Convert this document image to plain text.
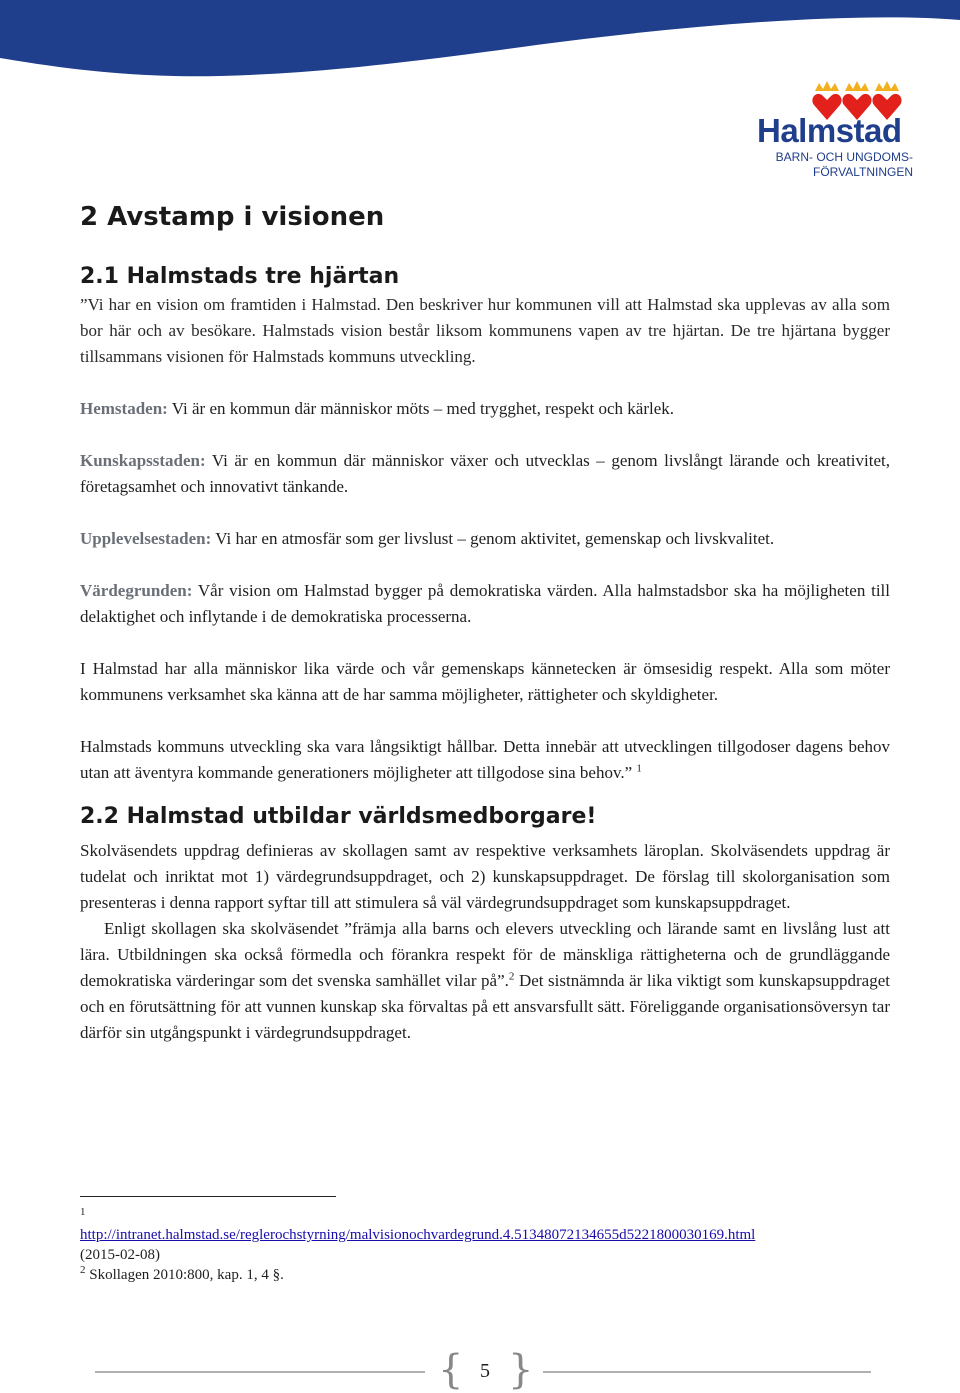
Halmstad
BARN- OCH UNGDOMS-
FÖRVALTNINGEN
2 Avstamp i visionen
2.1 Halmstads tre hjärtan

”Vi har en vision om framtiden i Halmstad. Den beskriver hur kommunen vill att Halmstad ska upplevas av alla som bor här och av besökare. Halmstads vision består liksom kommunens vapen av tre hjärtan. De tre hjärtana bygger tillsammans visionen för Halmstads kommuns utveckling.

Hemstaden: Vi är en kommun där människor möts – med trygghet, respekt och kärlek.

Kunskapsstaden: Vi är en kommun där människor växer och utvecklas – genom livslångt lärande och kreativitet, företagsamhet och innovativt tänkande.

Upplevelsestaden: Vi har en atmosfär som ger livslust – genom aktivitet, gemenskap och livskvalitet.

Värdegrunden: Vår vision om Halmstad bygger på demokratiska värden. Alla halmstadsbor ska ha möjligheten till delaktighet och inflytande i de demokratiska processerna.

I Halmstad har alla människor lika värde och vår gemenskaps kännetecken är ömsesidig respekt. Alla som möter kommunens verksamhet ska känna att de har samma möjligheter, rättigheter och skyldigheter.

Halmstads kommuns utveckling ska vara långsiktigt hållbar. Detta innebär att utvecklingen tillgodoser dagens behov utan att äventyra kommande generationers möjligheter att tillgodose sina behov.” $^1$

2.2 Halmstad utbildar världsmedborgare!

Skolväsendets uppdrag definieras av skollagen samt av respektive verksamhets läroplan. Skolväsendets uppdrag är tudelat och inriktat mot 1) värdegrundsuppdraget, och 2) kunskapsuppdraget. De förslag till skolorganisation som presenteras i denna rapport syftar till att stimulera så väl värdegrundsuppdraget som kunskapsuppdraget.

Enligt skollagen ska skolväsendet ”främja alla barns och elevers utveckling och lärande samt en livslång lust att lära. Utbildningen ska också förmedla och förankra respekt för de mänskliga rättigheterna och de grundläggande demokratiska värderingar som det svenska samhället vilar på”.$^2$ Det sistnämnda är lika viktigt som kunskapsuppdraget och en förutsättning för att vunnen kunskap ska förvaltas på ett ansvarsfullt sätt. Föreliggande organisationsöversyn tar därför sin utgångspunkt i värdegrundsuppdraget.

1
http://intranet.halmstad.se/reglerochstyrning/malvisionochvardegrund.4.51348072134655d5221800030169.html
(2015-02-08)
$^2$ Skollagen 2010:800, kap. 1, 4 §.
{ 5 }
